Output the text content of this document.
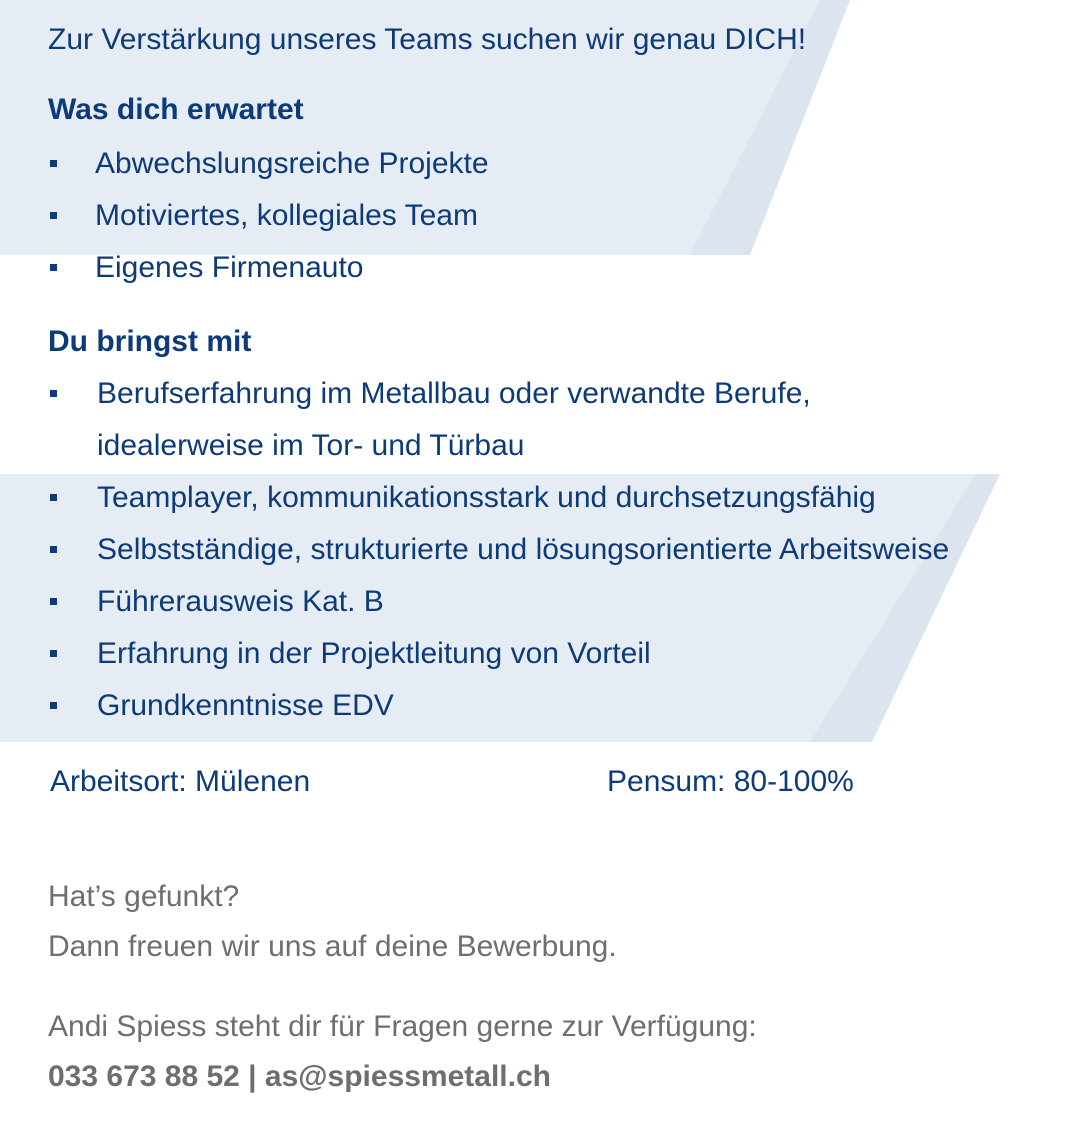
Zur Verstärkung unseres Teams suchen wir genau DICH!
Was dich erwartet
Abwechslungsreiche Projekte
Motiviertes, kollegiales Team
Eigenes Firmenauto
Du bringst mit
Berufserfahrung im Metallbau oder verwandte Berufe,
idealerweise im Tor- und Türbau
Teamplayer, kommunikationsstark und durchsetzungsfähig
Selbstständige, strukturierte und lösungsorientierte Arbeitsweise
Führerausweis Kat. B
Erfahrung in der Projektleitung von Vorteil
Grundkenntnisse EDV
Arbeitsort: Mülenen	Pensum: 80-100%
Hat’s gefunkt?
Dann freuen wir uns auf deine Bewerbung.
Andi Spiess steht dir für Fragen gerne zur Verfügung:
033 673 88 52 | as@spiessmetall.ch
